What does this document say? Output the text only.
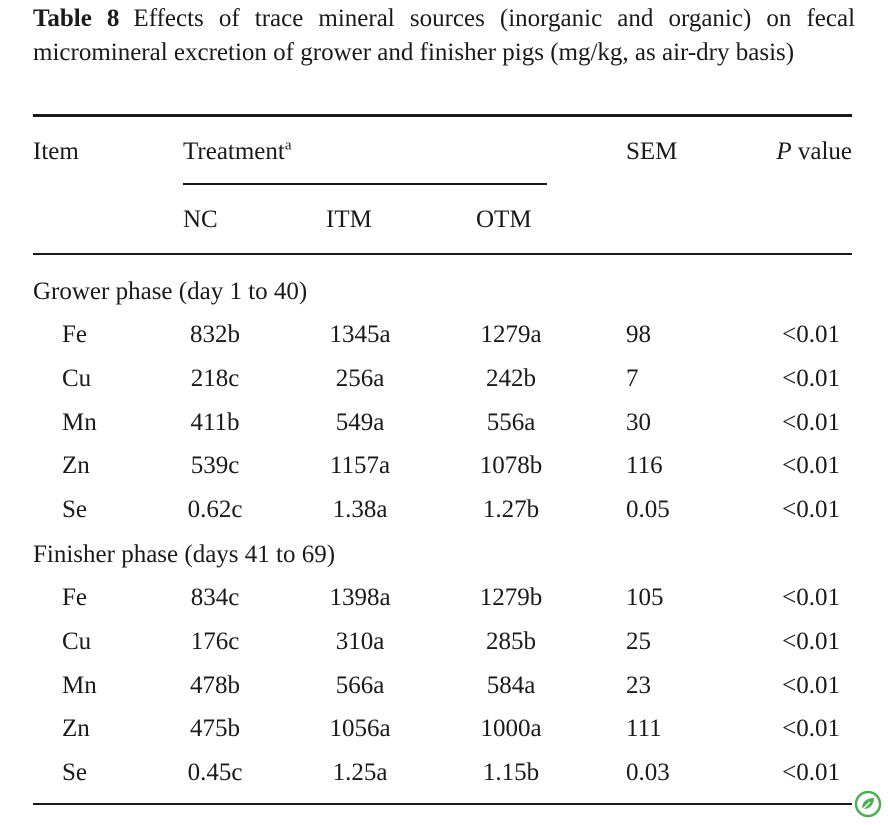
Table 8 Effects of trace mineral sources (inorganic and organic) on fecal micromineral excretion of grower and finisher pigs (mg/kg, as air-dry basis)
Item	Treatment$^a$	SEM	P value
NC	ITM	OTM
Grower phase (day 1 to 40)
Fe	832b	1345a	1279a	98	<0.01
Cu	218c	256a	242b	7	<0.01
Mn	411b	549a	556a	30	<0.01
Zn	539c	1157a	1078b	116	<0.01
Se	0.62c	1.38a	1.27b	0.05	<0.01
Finisher phase (days 41 to 69)
Fe	834c	1398a	1279b	105	<0.01
Cu	176c	310a	285b	25	<0.01
Mn	478b	566a	584a	23	<0.01
Zn	475b	1056a	1000a	111	<0.01
Se	0.45c	1.25a	1.15b	0.03	<0.01
